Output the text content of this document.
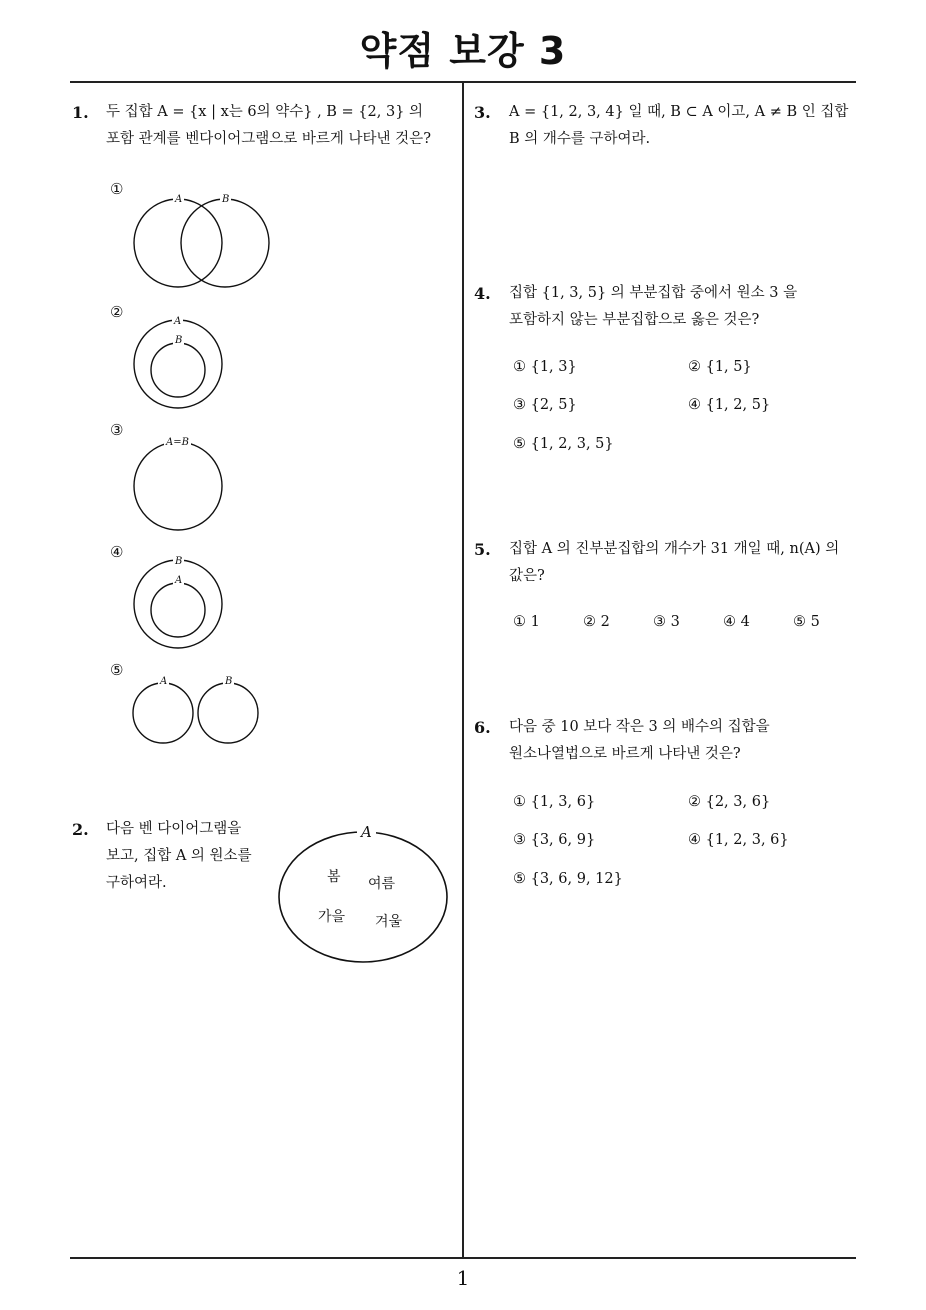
약점 보강 3
1
1. 두 집합 A = {x | x는 6의 약수} , B = {2, 3} 의
포함 관계를 벤다이어그램으로 바르게 나타낸 것은?
①
A	B
②
A
B
③
A=B
④
B
A
⑤
A	B
2. 다음 벤 다이어그램을
보고, 집합 A 의 원소를
구하여라.
A
봄 여름
가을 겨울
3. A = {1, 2, 3, 4} 일 때, B ⊂ A 이고, A ≠ B 인 집합
B 의 개수를 구하여라.
4. 집합 {1, 3, 5} 의 부분집합 중에서 원소 3 을
포함하지 않는 부분집합으로 옳은 것은?
① {1, 3}	② {1, 5}
③ {2, 5}	④ {1, 2, 5}
⑤ {1, 2, 3, 5}
5. 집합 A 의 진부분집합의 개수가 31 개일 때, n(A) 의
값은?
① 1	② 2	③ 3	④ 4	⑤ 5
6. 다음 중 10 보다 작은 3 의 배수의 집합을
원소나열법으로 바르게 나타낸 것은?
① {1, 3, 6}	② {2, 3, 6}
③ {3, 6, 9}	④ {1, 2, 3, 6}
⑤ {3, 6, 9, 12}
